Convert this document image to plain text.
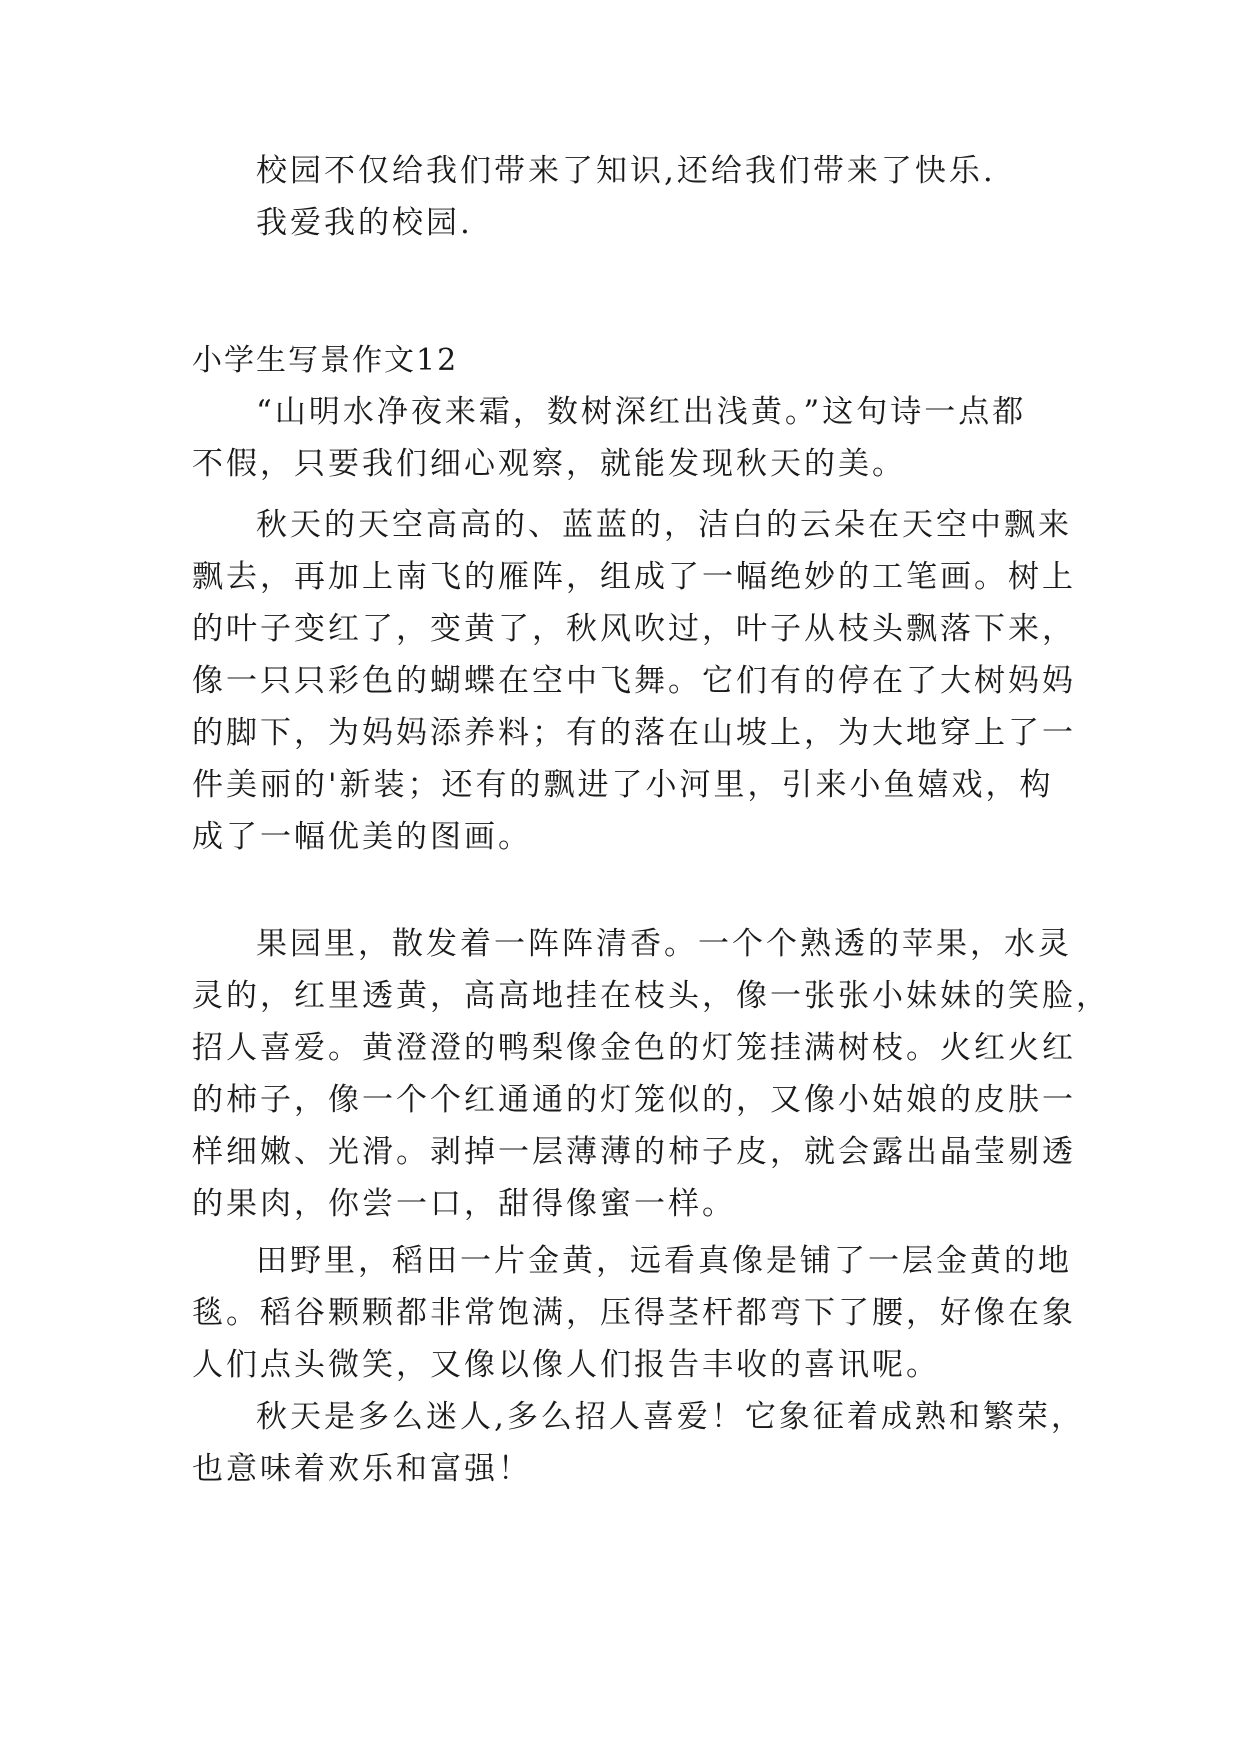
校园不仅给我们带来了知识,还给我们带来了快乐.
我爱我的校园.
小学生写景作文12
“山明水净夜来霜，数树深红出浅黄。”这句诗一点都
不假，只要我们细心观察，就能发现秋天的美。
秋天的天空高高的、蓝蓝的，洁白的云朵在天空中飘来
飘去，再加上南飞的雁阵，组成了一幅绝妙的工笔画。树上
的叶子变红了，变黄了，秋风吹过，叶子从枝头飘落下来，
像一只只彩色的蝴蝶在空中飞舞。它们有的停在了大树妈妈
的脚下，为妈妈添养料；有的落在山坡上，为大地穿上了一
件美丽的'新装；还有的飘进了小河里，引来小鱼嬉戏，构
成了一幅优美的图画。
果园里，散发着一阵阵清香。一个个熟透的苹果，水灵
灵的，红里透黄，高高地挂在枝头，像一张张小妹妹的笑脸，
招人喜爱。黄澄澄的鸭梨像金色的灯笼挂满树枝。火红火红
的柿子，像一个个红通通的灯笼似的，又像小姑娘的皮肤一
样细嫩、光滑。剥掉一层薄薄的柿子皮，就会露出晶莹剔透
的果肉，你尝一口，甜得像蜜一样。
田野里，稻田一片金黄，远看真像是铺了一层金黄的地
毯。稻谷颗颗都非常饱满，压得茎杆都弯下了腰，好像在象
人们点头微笑，又像以像人们报告丰收的喜讯呢。
秋天是多么迷人,多么招人喜爱！它象征着成熟和繁荣，
也意味着欢乐和富强！
